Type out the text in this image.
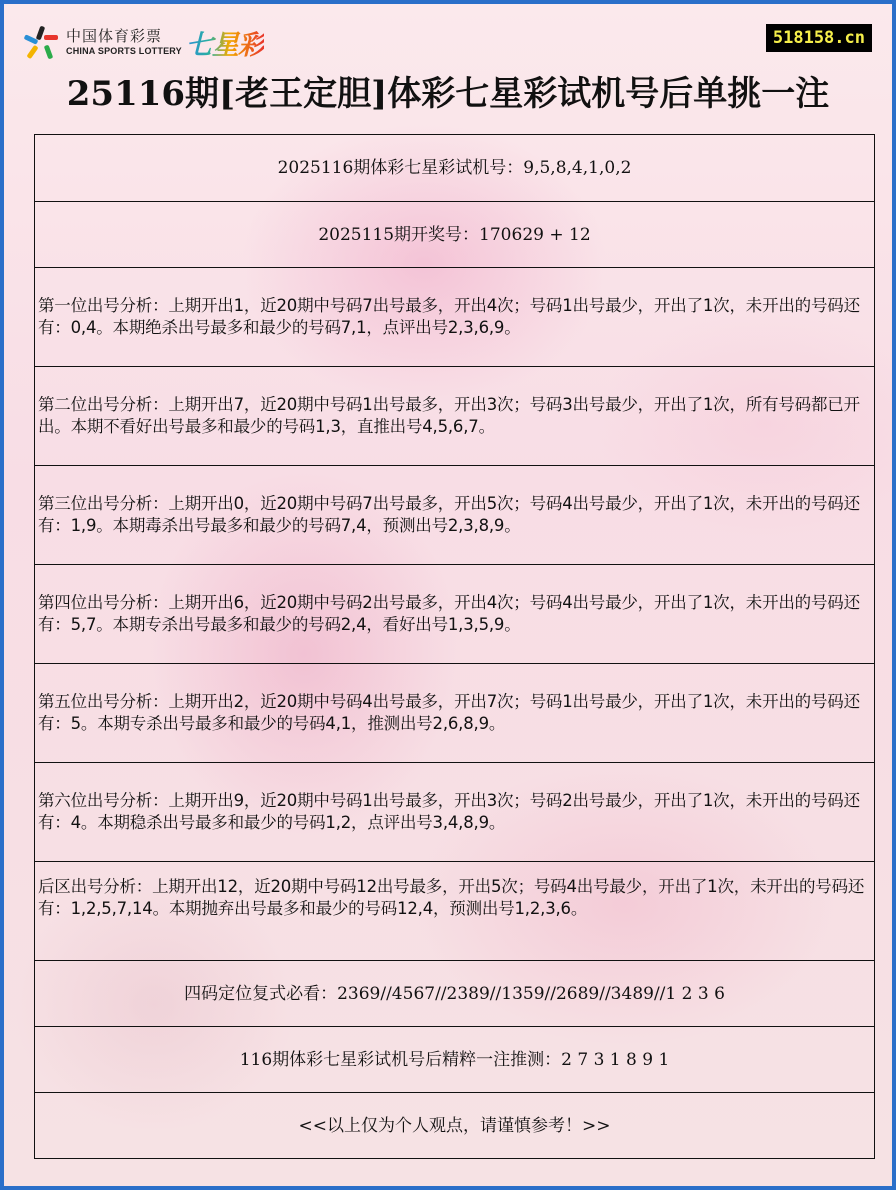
中国体育彩票
CHINA SPORTS LOTTERY 七星彩	518158.cn
25116期[老王定胆]体彩七星彩试机号后单挑一注
2025116期体彩七星彩试机号：9,5,8,4,1,0,2
2025115期开奖号：170629 + 12
第一位出号分析：上期开出1，近20期中号码7出号最多，开出4次；号码1出号最少，开出了1次，未开出的号码还有：0,4。本期绝杀出号最多和最少的号码7,1，点评出号2,3,6,9。
第二位出号分析：上期开出7，近20期中号码1出号最多，开出3次；号码3出号最少，开出了1次，所有号码都已开出。本期不看好出号最多和最少的号码1,3，直推出号4,5,6,7。
第三位出号分析：上期开出0，近20期中号码7出号最多，开出5次；号码4出号最少，开出了1次，未开出的号码还有：1,9。本期毒杀出号最多和最少的号码7,4，预测出号2,3,8,9。
第四位出号分析：上期开出6，近20期中号码2出号最多，开出4次；号码4出号最少，开出了1次，未开出的号码还有：5,7。本期专杀出号最多和最少的号码2,4，看好出号1,3,5,9。
第五位出号分析：上期开出2，近20期中号码4出号最多，开出7次；号码1出号最少，开出了1次，未开出的号码还有：5。本期专杀出号最多和最少的号码4,1，推测出号2,6,8,9。
第六位出号分析：上期开出9，近20期中号码1出号最多，开出3次；号码2出号最少，开出了1次，未开出的号码还有：4。本期稳杀出号最多和最少的号码1,2，点评出号3,4,8,9。
后区出号分析：上期开出12，近20期中号码12出号最多，开出5次；号码4出号最少，开出了1次，未开出的号码还有：1,2,5,7,14。本期抛弃出号最多和最少的号码12,4，预测出号1,2,3,6。
四码定位复式必看：2369//4567//2389//1359//2689//3489//1 2 3 6
116期体彩七星彩试机号后精粹一注推测：2 7 3 1 8 9 1
<<以上仅为个人观点，请谨慎参考！>>
